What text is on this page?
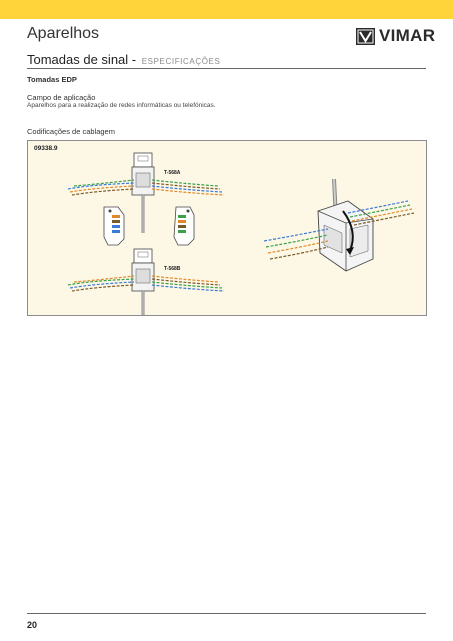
Aparelhos	VIMAR
Tomadas de sinal - ESPECIFICAÇÕES
Tomadas EDP
Campo de aplicação
Aparelhos para a realização de redes informáticas ou telefónicas.
Codificações de cablagem
09338.9
T-568A
T-568B
20
